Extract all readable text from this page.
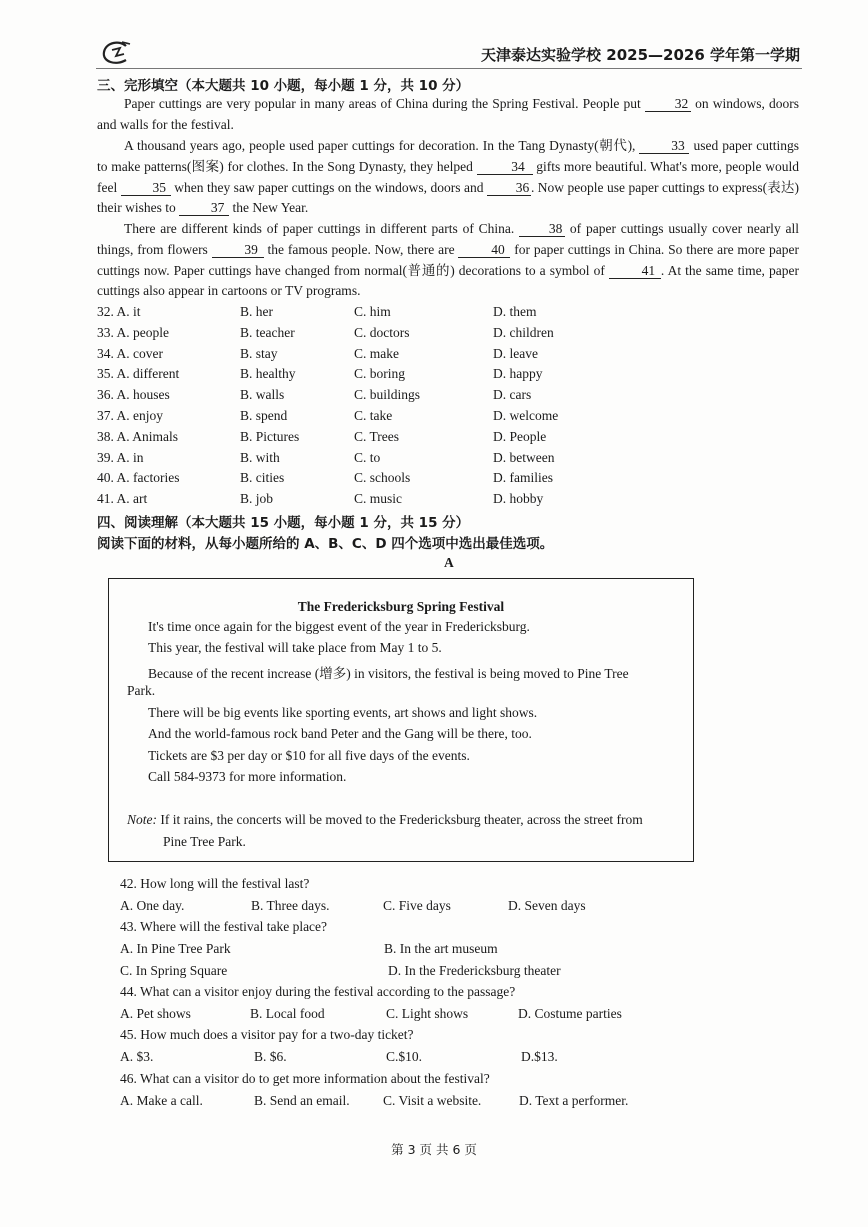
天津泰达实验学校 2025—2026 学年第一学期
三、完形填空（本大题共 10 小题，每小题 1 分，共 10 分）
Paper cuttings are very popular in many areas of China during the Spring Festival. People put 32 on windows, doors and walls for the festival.
A thousand years ago, people used paper cuttings for decoration. In the Tang Dynasty(朝代), 33 used paper cuttings to make patterns(图案) for clothes. In the Song Dynasty, they helped	34 gifts more beautiful. What's more, people would feel 35 when they saw paper cuttings on the windows, doors and 36 . Now people use paper cuttings to express(表达) their wishes to 37 the New Year.
There are different kinds of paper cuttings in different parts of China. 38 of paper cuttings usually cover nearly all things, from flowers 39 the famous people. Now, there are 40 for paper cuttings in China. So there are more paper cuttings now. Paper cuttings have changed from normal(普通的) decorations to a symbol of 41 . At the same time, paper cuttings also appear in cartoons or TV programs.
32. A. it	B. her	C. him	D. them
33. A. people	B. teacher	C. doctors	D. children
34. A. cover	B. stay	C. make	D. leave
35. A. different	B. healthy	C. boring	D. happy
36. A. houses	B. walls	C. buildings	D. cars
37. A. enjoy	B. spend	C. take	D. welcome
38. A. Animals	B. Pictures	C. Trees	D. People
39. A. in	B. with	C. to	D. between
40. A. factories	B. cities	C. schools	D. families
41. A. art	B. job	C. music	D. hobby
四、阅读理解（本大题共 15 小题，每小题 1 分，共 15 分）
阅读下面的材料，从每小题所给的 A、B、C、D 四个选项中选出最佳选项。
A
The Fredericksburg Spring Festival
It's time once again for the biggest event of the year in Fredericksburg.
This year, the festival will take place from May 1 to 5.
Because of the recent increase (增多) in visitors, the festival is being moved to Pine Tree
Park.
There will be big events like sporting events, art shows and light shows.
And the world-famous rock band Peter and the Gang will be there, too.
Tickets are $3 per day or $10 for all five days of the events.
Call 584-9373 for more information.
Note: If it rains, the concerts will be moved to the Fredericksburg theater, across the street from
Pine Tree Park.
42. How long will the festival last?
A. One day.	B. Three days.	C. Five days	D. Seven days
43. Where will the festival take place?
A. In Pine Tree Park	B. In the art museum
C. In Spring Square	D. In the Fredericksburg theater
44. What can a visitor enjoy during the festival according to the passage?
A. Pet shows	B. Local food	C. Light shows	D. Costume parties
45. How much does a visitor pay for a two-day ticket?
A. $3.	B. $6.	C.$10.	D.$13.
46. What can a visitor do to get more information about the festival?
A. Make a call.	B. Send an email. C. Visit a website.	D. Text a performer.
第 3 页 共 6 页
